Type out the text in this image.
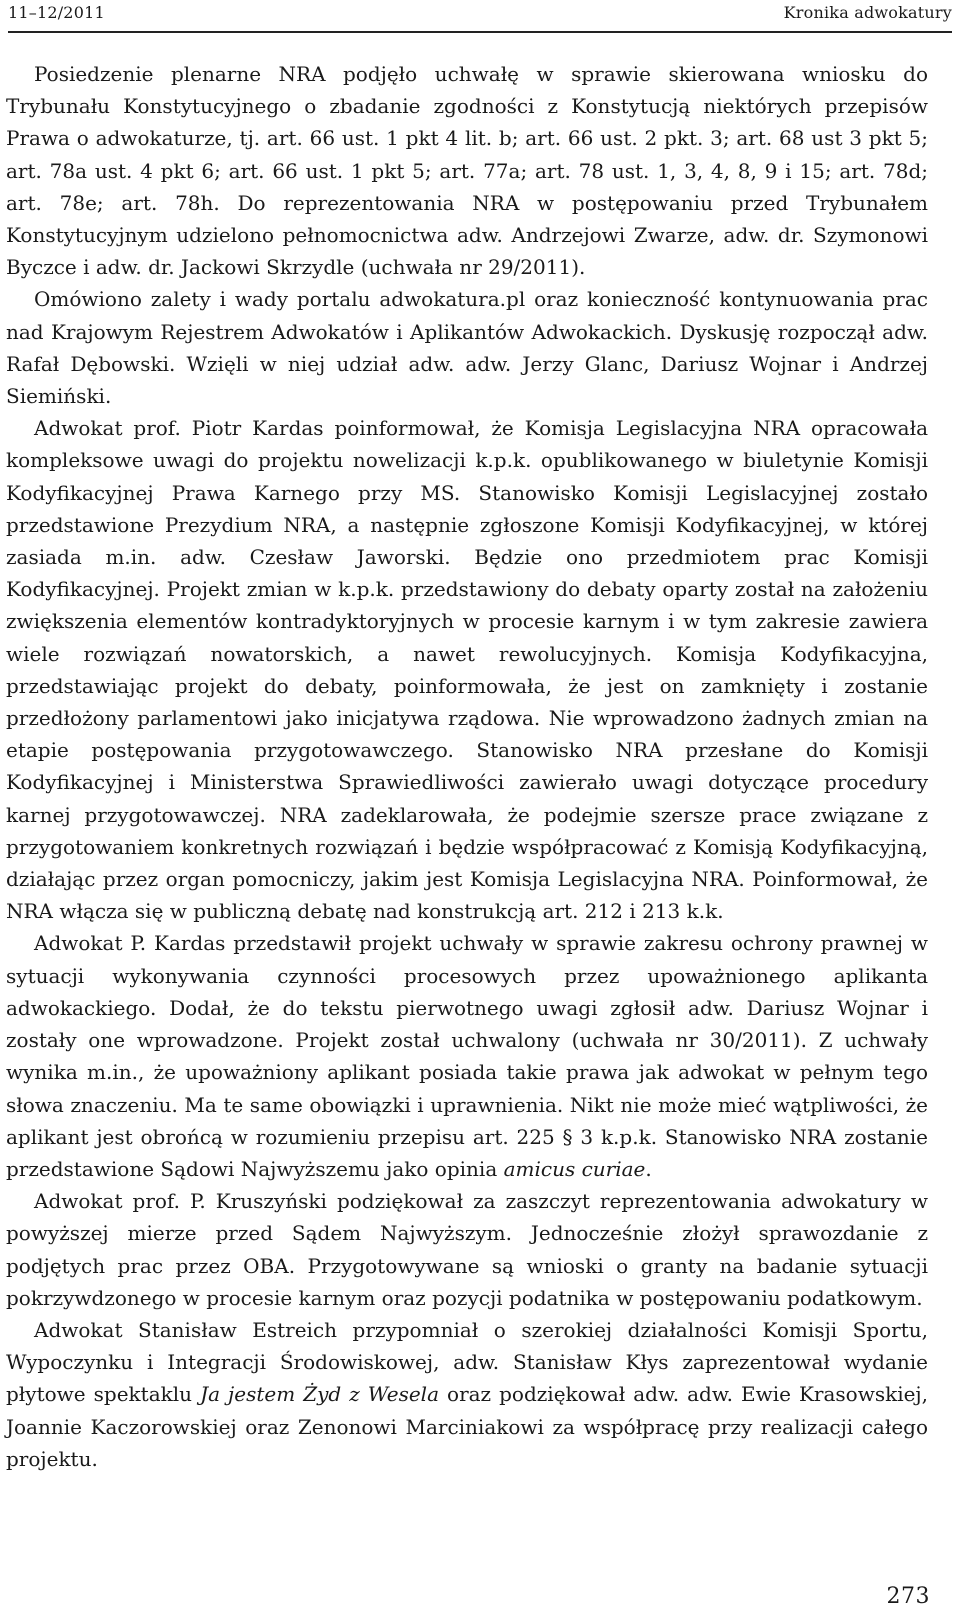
11–12/2011	Kronika adwokatury

Posiedzenie plenarne NRA podjęło uchwałę w sprawie skierowana wniosku do Trybunału Konstytucyjnego o zbadanie zgodności z Konstytucją niektórych przepisów Prawa o adwokaturze, tj. art. 66 ust. 1 pkt 4 lit. b; art. 66 ust. 2 pkt. 3; art. 68 ust 3 pkt 5; art. 78a ust. 4 pkt 6; art. 66 ust. 1 pkt 5; art. 77a; art. 78 ust. 1, 3, 4, 8, 9 i 15; art. 78d; art. 78e; art. 78h. Do reprezentowania NRA w postępowaniu przed Trybunałem Konstytucyjnym udzielono pełnomocnictwa adw. Andrzejowi Zwarze, adw. dr. Szymonowi Byczce i adw. dr. Jackowi Skrzydle (uchwała nr 29/2011).

Omówiono zalety i wady portalu adwokatura.pl oraz konieczność kontynuowania prac nad Krajowym Rejestrem Adwokatów i Aplikantów Adwokackich. Dyskusję rozpoczął adw. Rafał Dębowski. Wzięli w niej udział adw. adw. Jerzy Glanc, Dariusz Wojnar i Andrzej Siemiński.

Adwokat prof. Piotr Kardas poinformował, że Komisja Legislacyjna NRA opracowała kompleksowe uwagi do projektu nowelizacji k.p.k. opublikowanego w biuletynie Komisji Kodyfikacyjnej Prawa Karnego przy MS. Stanowisko Komisji Legislacyjnej zostało przedstawione Prezydium NRA, a następnie zgłoszone Komisji Kodyfikacyjnej, w której zasiada m.in. adw. Czesław Jaworski. Będzie ono przedmiotem prac Komisji Kodyfikacyjnej. Projekt zmian w k.p.k. przedstawiony do debaty oparty został na założeniu zwiększenia elementów kontradyktoryjnych w procesie karnym i w tym zakresie zawiera wiele rozwiązań nowatorskich, a nawet rewolucyjnych. Komisja Kodyfikacyjna, przedstawiając projekt do debaty, poinformowała, że jest on zamknięty i zostanie przedłożony parlamentowi jako inicjatywa rządowa. Nie wprowadzono żadnych zmian na etapie postępowania przygotowawczego. Stanowisko NRA przesłane do Komisji Kodyfikacyjnej i Ministerstwa Sprawiedliwości zawierało uwagi dotyczące procedury karnej przygotowawczej. NRA zadeklarowała, że podejmie szersze prace związane z przygotowaniem konkretnych rozwiązań i będzie współpracować z Komisją Kodyfikacyjną, działając przez organ pomocniczy, jakim jest Komisja Legislacyjna NRA. Poinformował, że NRA włącza się w publiczną debatę nad konstrukcją art. 212 i 213 k.k.

Adwokat P. Kardas przedstawił projekt uchwały w sprawie zakresu ochrony prawnej w sytuacji wykonywania czynności procesowych przez upoważnionego aplikanta adwokackiego. Dodał, że do tekstu pierwotnego uwagi zgłosił adw. Dariusz Wojnar i zostały one wprowadzone. Projekt został uchwalony (uchwała nr 30/2011). Z uchwały wynika m.in., że upoważniony aplikant posiada takie prawa jak adwokat w pełnym tego słowa znaczeniu. Ma te same obowiązki i uprawnienia. Nikt nie może mieć wątpliwości, że aplikant jest obrońcą w rozumieniu przepisu art. 225 § 3 k.p.k. Stanowisko NRA zostanie przedstawione Sądowi Najwyższemu jako opinia amicus curiae.

Adwokat prof. P. Kruszyński podziękował za zaszczyt reprezentowania adwokatury w powyższej mierze przed Sądem Najwyższym. Jednocześnie złożył sprawozdanie z podjętych prac przez OBA. Przygotowywane są wnioski o granty na badanie sytuacji pokrzywdzonego w procesie karnym oraz pozycji podatnika w postępowaniu podatkowym.

Adwokat Stanisław Estreich przypomniał o szerokiej działalności Komisji Sportu, Wypoczynku i Integracji Środowiskowej, adw. Stanisław Kłys zaprezentował wydanie płytowe spektaklu Ja jestem Żyd z Wesela oraz podziękował adw. adw. Ewie Krasowskiej, Joannie Kaczorowskiej oraz Zenonowi Marciniakowi za współpracę przy realizacji całego projektu.

273
